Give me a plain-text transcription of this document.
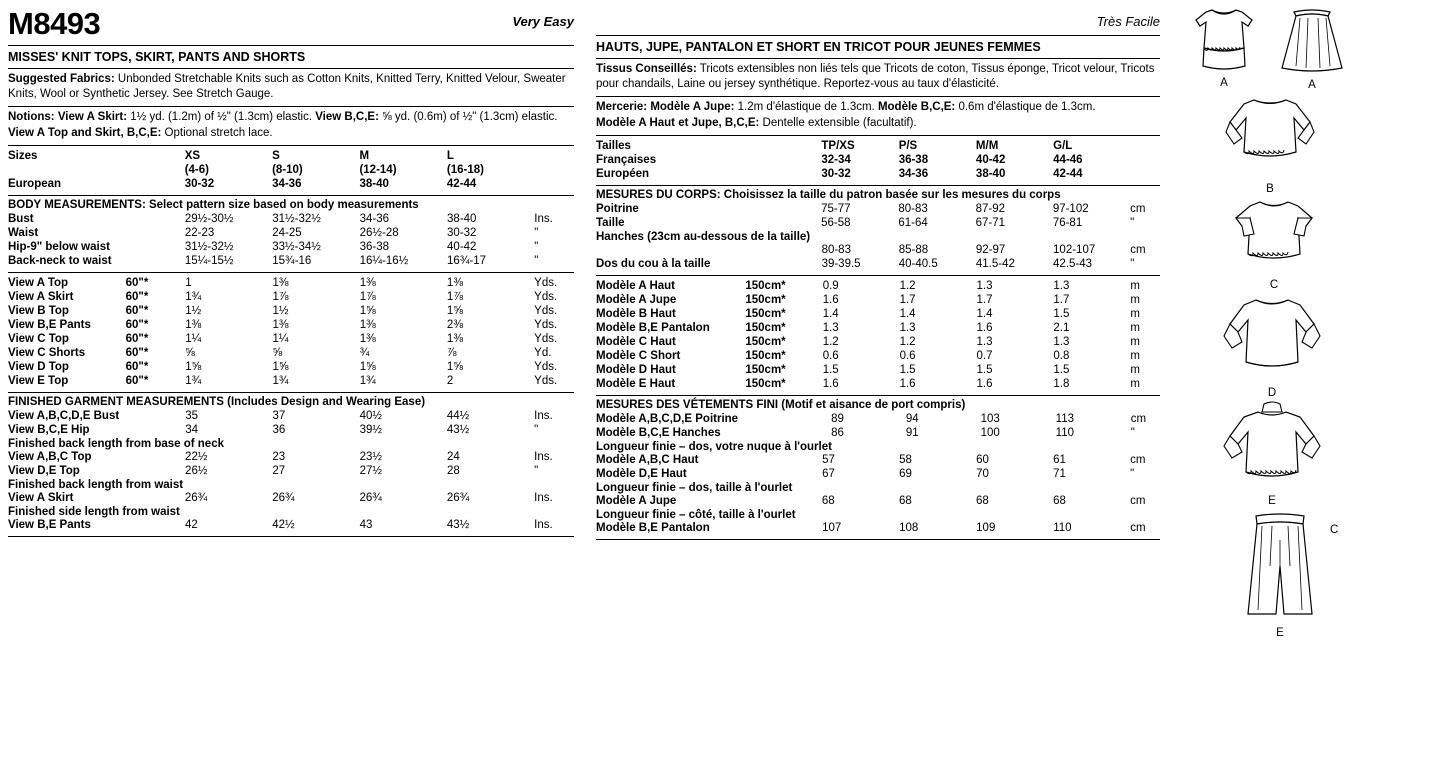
M8493	Very Easy
MISSES' KNIT TOPS, SKIRT, PANTS AND SHORTS
Suggested Fabrics: Unbonded Stretchable Knits such as Cotton Knits, Knitted Terry, Knitted Velour, Sweater Knits, Wool or Synthetic Jersey. See Stretch Gauge.
Notions: View A Skirt: 1½ yd. (1.2m) of ½" (1.3cm) elastic. View B,C,E: ⅝ yd. (0.6m) of ½" (1.3cm) elastic. View A Top and Skirt, B,C,E: Optional stretch lace.
Sizes	XS	S	M	L	
	(4-6)	(8-10)	(12-14)	(16-18)	
European	30-32	34-36	38-40	42-44	
BODY MEASUREMENTS: Select pattern size based on body measurements
Bust	29½-30½	31½-32½	34-36	38-40	Ins.
Waist	22-23	24-25	26½-28	30-32	"
Hip-9" below waist	31½-32½	33½-34½	36-38	40-42	"
Back-neck to waist	15¼-15½	15¾-16	16¼-16½	16¾-17	"
View A Top	60"*	1	1⅜	1⅜	1⅜	Yds.
View A Skirt	60"*	1¾	1⅞	1⅞	1⅞	Yds.
View B Top	60"*	1½	1½	1⅝	1⅝	Yds.
View B,E Pants	60"*	1⅜	1⅜	1⅜	2⅜	Yds.
View C Top	60"*	1¼	1¼	1⅜	1⅜	Yds.
View C Shorts	60"*	⅝	⅝	¾	⅞	Yd.
View D Top	60"*	1⅝	1⅝	1⅝	1⅝	Yds.
View E Top	60"*	1¾	1¾	1¾	2	Yds.
FINISHED GARMENT MEASUREMENTS (Includes Design and Wearing Ease)
View A,B,C,D,E Bust	35	37	40½	44½	Ins.
View B,C,E Hip	34	36	39½	43½	"
Finished back length from base of neck
View A,B,C Top	22½	23	23½	24	Ins.
View D,E Top	26½	27	27½	28	"
Finished back length from waist
View A Skirt	26¾	26¾	26¾	26¾	Ins.
Finished side length from waist
View B,E Pants	42	42½	43	43½	Ins.
Très Facile
HAUTS, JUPE, PANTALON ET SHORT EN TRICOT POUR JEUNES FEMMES
Tissus Conseillés: Tricots extensibles non liés tels que Tricots de coton, Tissus éponge, Tricot velour, Tricots pour chandails, Laine ou jersey synthétique. Reportez-vous au taux d'élasticité.
Mercerie: Modèle A Jupe: 1.2m d'élastique de 1.3cm. Modèle B,C,E: 0.6m d'élastique de 1.3cm.
Modèle A Haut et Jupe, B,C,E: Dentelle extensible (facultatif).
Tailles		TP/XS	P/S	M/M	G/L	
Françaises		32-34	36-38	40-42	44-46	
Européen		30-32	34-36	38-40	42-44	
MESURES DU CORPS: Choisissez la taille du patron basée sur les mesures du corps
Poitrine		75-77	80-83	87-92	97-102	cm
Taille		56-58	61-64	67-71	76-81	"
Hanches (23cm au-dessous de la taille)
		80-83	85-88	92-97	102-107	cm
Dos du cou à la taille		39-39.5	40-40.5	41.5-42	42.5-43	"
Modèle A Haut	150cm*	0.9	1.2	1.3	1.3	m
Modèle A Jupe	150cm*	1.6	1.7	1.7	1.7	m
Modèle B Haut	150cm*	1.4	1.4	1.4	1.5	m
Modèle B,E Pantalon	150cm*	1.3	1.3	1.6	2.1	m
Modèle C Haut	150cm*	1.2	1.2	1.3	1.3	m
Modèle C Short	150cm*	0.6	0.6	0.7	0.8	m
Modèle D Haut	150cm*	1.5	1.5	1.5	1.5	m
Modèle E Haut	150cm*	1.6	1.6	1.6	1.8	m
MESURES DES VÉTEMENTS FINI (Motif et aisance de port compris)
Modèle A,B,C,D,E Poitrine		89	94	103	113	cm
Modèle B,C,E Hanches		86	91	100	110	"
Longueur finie – dos, votre nuque à l'ourlet
Modèle A,B,C Haut		57	58	60	61	cm
Modèle D,E Haut		67	69	70	71	"
Longueur finie – dos, taille à l'ourlet
Modèle A Jupe		68	68	68	68	cm
Longueur finie – côté, taille à l'ourlet
Modèle B,E Pantalon		107	108	109	110	cm
A	A
B
C
D
E
E
C
